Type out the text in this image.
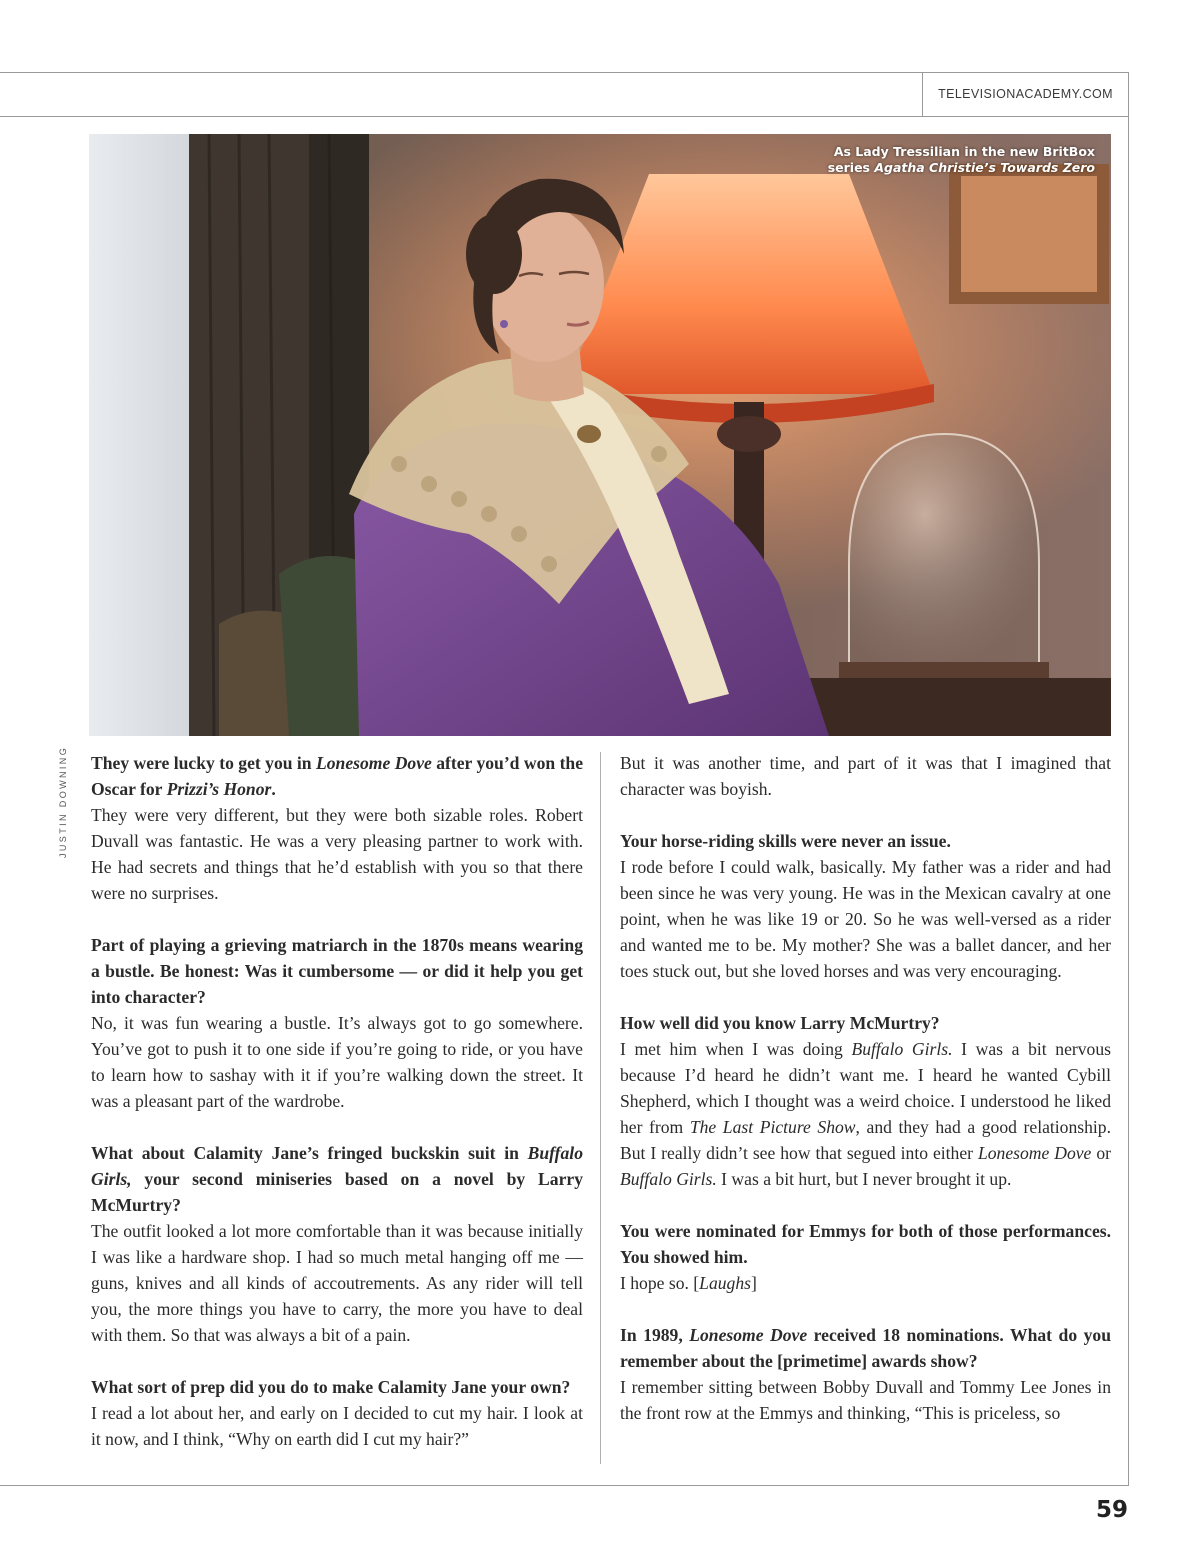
TELEVISIONACADEMY.COM
As Lady Tressilian in the new BritBox
series Agatha Christie’s Towards Zero
JUSTIN DOWNING They were lucky to get you in Lonesome Dove after you’d won the Oscar for Prizzi’s Honor.

They were very different, but they were both sizable roles. Robert Duvall was fantastic. He was a very pleasing partner to work with. He had secrets and things that he’d establish with you so that there were no surprises.

Part of playing a grieving matriarch in the 1870s means wearing a bustle. Be honest: Was it cumbersome — or did it help you get into character?

No, it was fun wearing a bustle. It’s always got to go somewhere. You’ve got to push it to one side if you’re going to ride, or you have to learn how to sashay with it if you’re walking down the street. It was a pleasant part of the wardrobe.

What about Calamity Jane’s fringed buckskin suit in Buffalo Girls, your second miniseries based on a novel by Larry McMurtry?

The outfit looked a lot more comfortable than it was because initially I was like a hardware shop. I had so much metal hanging off me — guns, knives and all kinds of accoutrements. As any rider will tell you, the more things you have to carry, the more you have to deal with them. So that was always a bit of a pain.

What sort of prep did you do to make Calamity Jane your own?

I read a lot about her, and early on I decided to cut my hair. I look at it now, and I think, “Why on earth did I cut my hair?”

But it was another time, and part of it was that I imagined that character was boyish.

Your horse-riding skills were never an issue.

I rode before I could walk, basically. My father was a rider and had been since he was very young. He was in the Mexican cavalry at one point, when he was like 19 or 20. So he was well-versed as a rider and wanted me to be. My mother? She was a ballet dancer, and her toes stuck out, but she loved horses and was very encouraging.

How well did you know Larry McMurtry?

I met him when I was doing Buffalo Girls. I was a bit nervous because I’d heard he didn’t want me. I heard he wanted Cybill Shepherd, which I thought was a weird choice. I understood he liked her from The Last Picture Show, and they had a good relationship. But I really didn’t see how that segued into either Lonesome Dove or Buffalo Girls. I was a bit hurt, but I never brought it up.

You were nominated for Emmys for both of those performances. You showed him.

I hope so. [Laughs]

In 1989, Lonesome Dove received 18 nominations. What do you remember about the [primetime] awards show?

I remember sitting between Bobby Duvall and Tommy Lee Jones in the front row at the Emmys and thinking, “This is priceless, so

59
